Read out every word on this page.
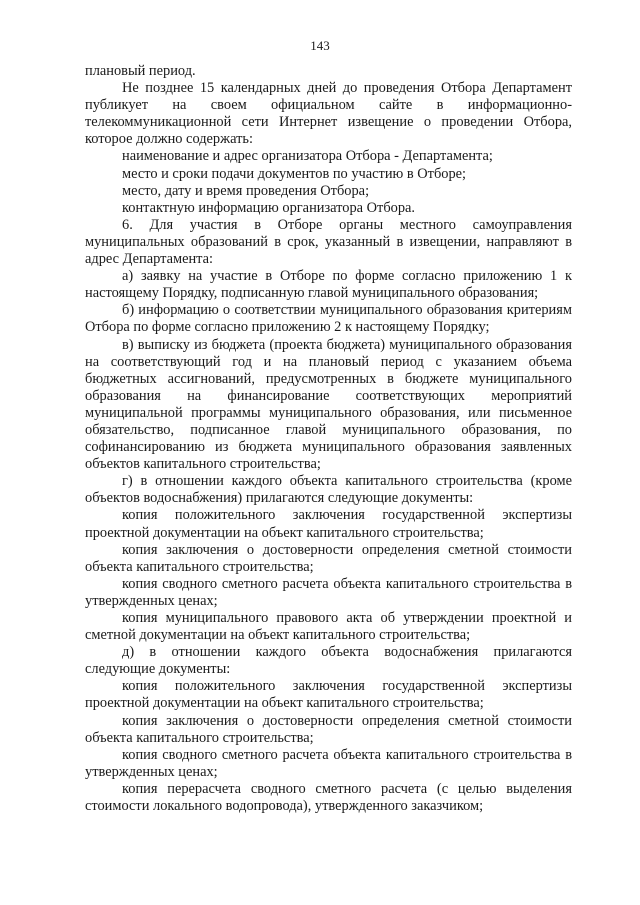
143

плановый период.

Не позднее 15 календарных дней до проведения Отбора Департамент публикует на своем официальном сайте в информационно-телекоммуникационной сети Интернет извещение о проведении Отбора, которое должно содержать:

наименование и адрес организатора Отбора - Департамента;

место и сроки подачи документов по участию в Отборе;

место, дату и время проведения Отбора;

контактную информацию организатора Отбора.

6. Для участия в Отборе органы местного самоуправления муниципальных образований в срок, указанный в извещении, направляют в адрес Департамента:

а) заявку на участие в Отборе по форме согласно приложению 1 к настоящему Порядку, подписанную главой муниципального образования;

б) информацию о соответствии муниципального образования критериям Отбора по форме согласно приложению 2 к настоящему Порядку;

в) выписку из бюджета (проекта бюджета) муниципального образования на соответствующий год и на плановый период с указанием объема бюджетных ассигнований, предусмотренных в бюджете муниципального образования на финансирование соответствующих мероприятий муниципальной программы муниципального образования, или письменное обязательство, подписанное главой муниципального образования, по софинансированию из бюджета муниципального образования заявленных объектов капитального строительства;

г) в отношении каждого объекта капитального строительства (кроме объектов водоснабжения) прилагаются следующие документы:

копия положительного заключения государственной экспертизы проектной документации на объект капитального строительства;

копия заключения о достоверности определения сметной стоимости объекта капитального строительства;

копия сводного сметного расчета объекта капитального строительства в утвержденных ценах;

копия муниципального правового акта об утверждении проектной и сметной документации на объект капитального строительства;

д) в отношении каждого объекта водоснабжения прилагаются следующие документы:

копия положительного заключения государственной экспертизы проектной документации на объект капитального строительства;

копия заключения о достоверности определения сметной стоимости объекта капитального строительства;

копия сводного сметного расчета объекта капитального строительства в утвержденных ценах;

копия перерасчета сводного сметного расчета (с целью выделения стоимости локального водопровода), утвержденного заказчиком;
